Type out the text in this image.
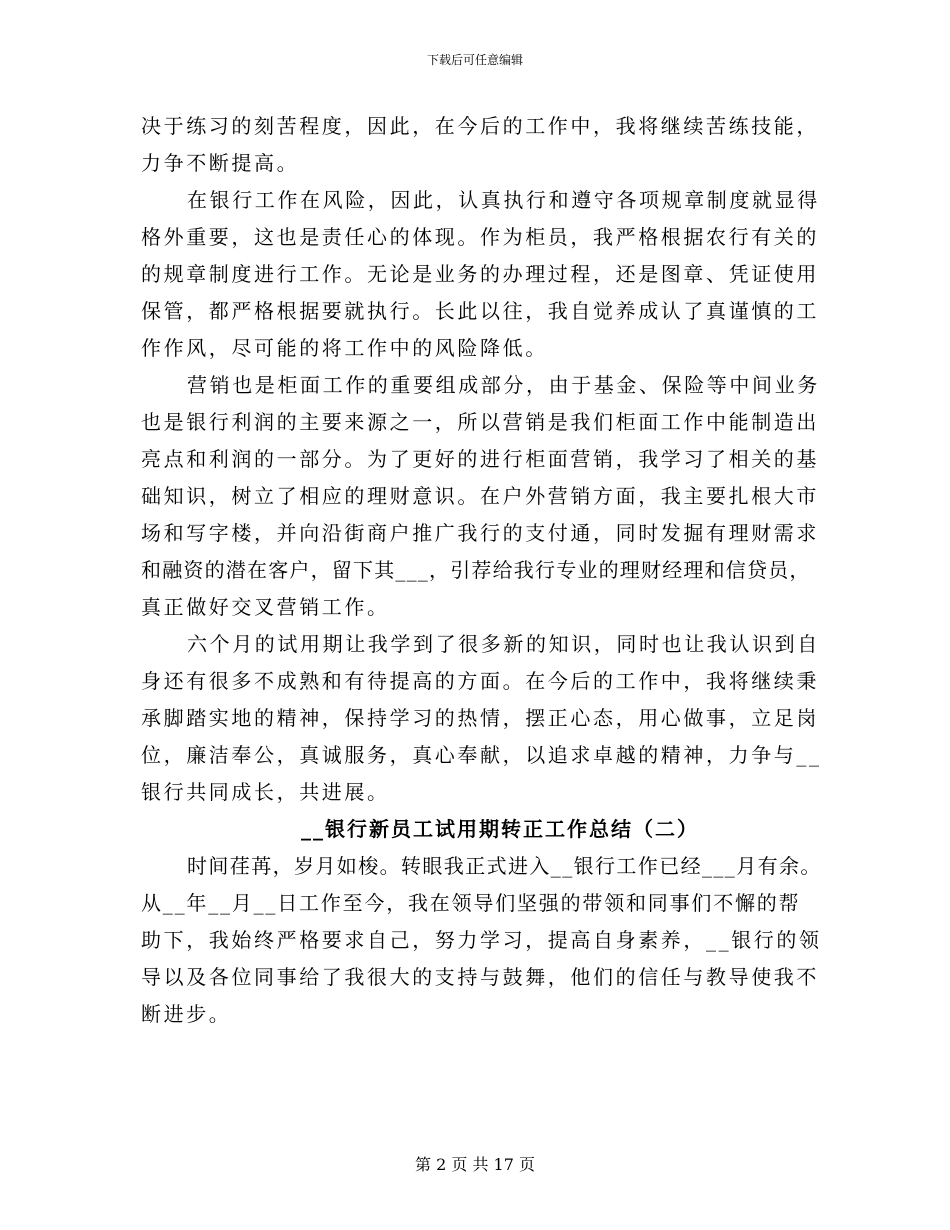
下载后可任意编辑
决于练习的刻苦程度，因此，在今后的工作中，我将继续苦练技能，
力争不断提高。
在银行工作在风险，因此，认真执行和遵守各项规章制度就显得
格外重要，这也是责任心的体现。作为柜员，我严格根据农行有关的
的规章制度进行工作。无论是业务的办理过程，还是图章、凭证使用
保管，都严格根据要就执行。长此以往，我自觉养成认了真谨慎的工
作作风，尽可能的将工作中的风险降低。
营销也是柜面工作的重要组成部分，由于基金、保险等中间业务
也是银行利润的主要来源之一，所以营销是我们柜面工作中能制造出
亮点和利润的一部分。为了更好的进行柜面营销，我学习了相关的基
础知识，树立了相应的理财意识。在户外营销方面，我主要扎根大市
场和写字楼，并向沿街商户推广我行的支付通，同时发掘有理财需求
和融资的潜在客户，留下其___，引荐给我行专业的理财经理和信贷员，
真正做好交叉营销工作。
六个月的试用期让我学到了很多新的知识，同时也让我认识到自
身还有很多不成熟和有待提高的方面。在今后的工作中，我将继续秉
承脚踏实地的精神，保持学习的热情，摆正心态，用心做事，立足岗
位，廉洁奉公，真诚服务，真心奉献，以追求卓越的精神，力争与__
银行共同成长，共进展。
__银行新员工试用期转正工作总结（二）
时间荏苒，岁月如梭。转眼我正式进入__银行工作已经___月有余。
从__年__月__日工作至今，我在领导们坚强的带领和同事们不懈的帮
助下，我始终严格要求自己，努力学习，提高自身素养，__银行的领
导以及各位同事给了我很大的支持与鼓舞，他们的信任与教导使我不
断进步。
第 2 页 共 17 页
